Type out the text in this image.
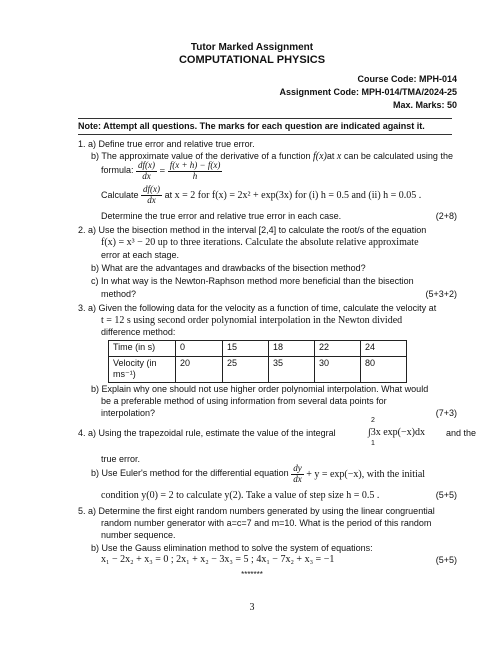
Tutor Marked Assignment
COMPUTATIONAL PHYSICS
Course Code: MPH-014
Assignment Code: MPH-014/TMA/2024-25
Max. Marks: 50
Note: Attempt all questions. The marks for each question are indicated against it.
1. a) Define true error and relative true error.
b) The approximate value of the derivative of a function f(x)at x can be calculated using the
formula: $\frac{df(x)}{dx} = \frac{f(x + h) - f(x)}{h}$
Calculate $\frac{df(x)}{dx}$ at x = 2 for f(x) = 2x² + exp(3x) for (i) h = 0.5 and (ii) h = 0.05 .
Determine the true error and relative true error in each case.	(2+8)
2. a) Use the bisection method in the interval [2,4] to calculate the root/s of the equation
f(x) = x³ − 20 up to three iterations. Calculate the absolute relative approximate
error at each stage.
b) What are the advantages and drawbacks of the bisection method?
c) In what way is the Newton-Raphson method more beneficial than the bisection
method?	(5+3+2)
3. a) Given the following data for the velocity as a function of time, calculate the velocity at
t = 12 s using second order polynomial interpolation in the Newton divided
difference method:
Time (in s)	0	15	18	22	24

Velocity (in
ms⁻¹)	20	25	35	30	80
b) Explain why one should not use higher order polynomial interpolation. What would
be a preferable method of using information from several data points for
interpolation?	(7+3)
4. a) Using the trapezoidal rule, estimate the value of the integral
2
∫3x exp(−x)dx
1
and the
true error.
b) Use Euler's method for the differential equation $\frac{dy}{dx} + y = \exp(-x)$, with the initial
condition y(0) = 2 to calculate y(2). Take a value of step size h = 0.5 .	(5+5)
5. a) Determine the first eight random numbers generated by using the linear congruential
random number generator with a=c=7 and m=10. What is the period of this random
number sequence.
b) Use the Gauss elimination method to solve the system of equations:
x₁ − 2x₂ + x₃ = 0 ; 2x₁ + x₂ − 3x₃ = 5 ; 4x₁ − 7x₂ + x₃ = −1	(5+5)
*******
3
